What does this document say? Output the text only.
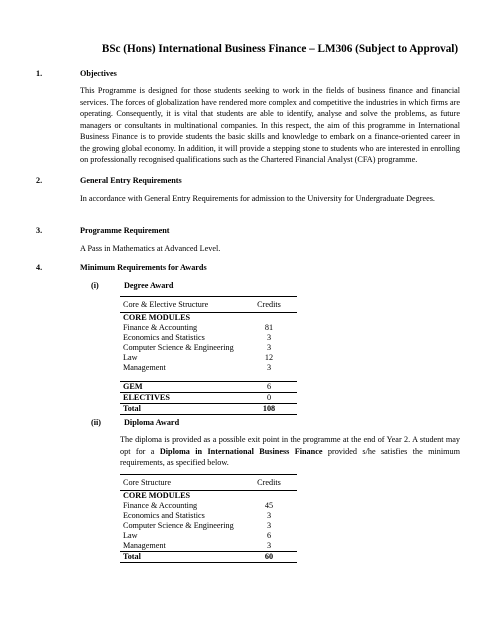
BSc (Hons) International Business Finance – LM306 (Subject to Approval)
1.	Objectives

This Programme is designed for those students seeking to work in the fields of business finance and financial services. The forces of globalization have rendered more complex and competitive the industries in which firms are operating. Consequently, it is vital that students are able to identify, analyse and solve the problems, as future managers or consultants in multinational companies. In this respect, the aim of this programme in International Business Finance is to provide students the basic skills and knowledge to embark on a finance-oriented career in the growing global economy. In addition, it will provide a stepping stone to students who are interested in enrolling on professionally recognised qualifications such as the Chartered Financial Analyst (CFA) programme.

2.	General Entry Requirements

In accordance with General Entry Requirements for admission to the University for Undergraduate Degrees.

3.	Programme Requirement

A Pass in Mathematics at Advanced Level.

4.	Minimum Requirements for Awards
(i)	Degree Award
Core & Elective Structure	Credits
CORE MODULES	
Finance & Accounting	81
Economics and Statistics	3
Computer Science & Engineering	3
Law	12
Management	3

GEM	6
ELECTIVES	0
Total	108
(ii)	Diploma Award

The diploma is provided as a possible exit point in the programme at the end of Year 2. A student may opt for a Diploma in International Business Finance provided s/he satisfies the minimum requirements, as specified below.

Core Structure	Credits
CORE MODULES	
Finance & Accounting	45
Economics and Statistics	3
Computer Science & Engineering	3
Law	6
Management	3
Total	60
